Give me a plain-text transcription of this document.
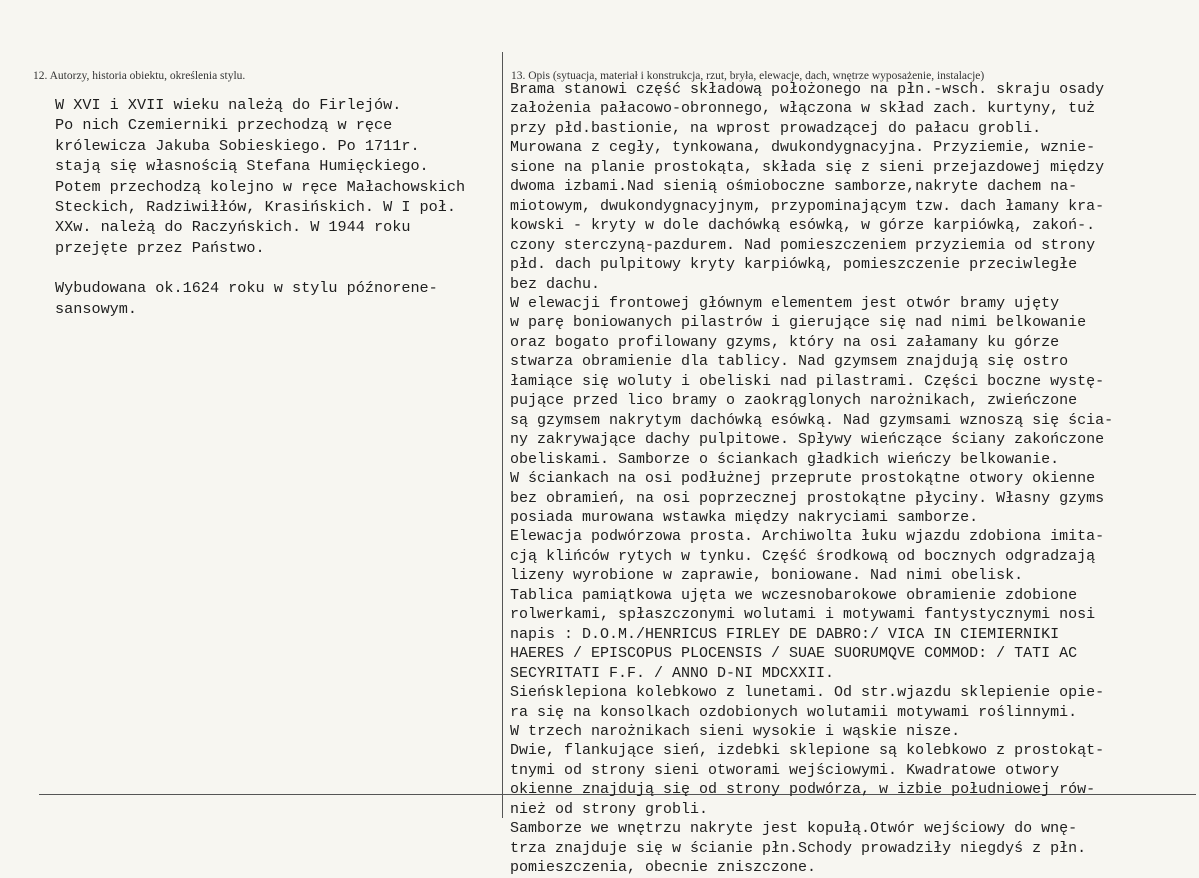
12. Autorzy, historia obiektu, określenia stylu.	13. Opis (sytuacja, materiał i konstrukcja, rzut, bryła, elewacje, dach, wnętrze wyposażenie, instalacje)
W XVI i XVII wieku należą do Firlejów.
Po nich Czemierniki przechodzą w ręce
królewicza Jakuba Sobieskiego. Po 1711r.
stają się własnością Stefana Humięckiego.
Potem przechodzą kolejno w ręce Małachowskich
Steckich, Radziwiłłów, Krasińskich. W I poł.
XXw. należą do Raczyńskich. W 1944 roku
przejęte przez Państwo.
Wybudowana ok.1624 roku w stylu późnorene-
sansowym.
Brama stanowi część składową położonego na płn.-wsch. skraju osady
założenia pałacowo-obronnego, włączona w skład zach. kurtyny, tuż
przy płd.bastionie, na wprost prowadzącej do pałacu grobli.
Murowana z cegły, tynkowana, dwukondygnacyjna. Przyziemie, wznie-
sione na planie prostokąta, składa się z sieni przejazdowej między
dwoma izbami.Nad sienią ośmioboczne samborze,nakryte dachem na-
miotowym, dwukondygnacyjnym, przypominającym tzw. dach łamany kra-
kowski - kryty w dole dachówką esówką, w górze karpiówką, zakoń-.
czony sterczyną-pazdurem. Nad pomieszczeniem przyziemia od strony
płd. dach pulpitowy kryty karpiówką, pomieszczenie przeciwległe
bez dachu.
W elewacji frontowej głównym elementem jest otwór bramy ujęty
w parę boniowanych pilastrów i gierujące się nad nimi belkowanie
oraz bogato profilowany gzyms, który na osi załamany ku górze
stwarza obramienie dla tablicy. Nad gzymsem znajdują się ostro
łamiące się woluty i obeliski nad pilastrami. Części boczne wystę-
pujące przed lico bramy o zaokrąglonych narożnikach, zwieńczone
są gzymsem nakrytym dachówką esówką. Nad gzymsami wznoszą się ścia-
ny zakrywające dachy pulpitowe. Spływy wieńczące ściany zakończone
obeliskami. Samborze o ściankach gładkich wieńczy belkowanie.
W ściankach na osi podłużnej przeprute prostokątne otwory okienne
bez obramień, na osi poprzecznej prostokątne płyciny. Własny gzyms
posiada murowana wstawka między nakryciami samborze.
Elewacja podwórzowa prosta. Archiwolta łuku wjazdu zdobiona imita-
cją klińców rytych w tynku. Część środkową od bocznych odgradzają
lizeny wyrobione w zaprawie, boniowane. Nad nimi obelisk.
Tablica pamiątkowa ujęta we wczesnobarokowe obramienie zdobione
rolwerkami, spłaszczonymi wolutami i motywami fantystycznymi nosi
napis : D.O.M./HENRICUS FIRLEY DE DABRO:/ VICA IN CIEMIERNIKI
HAERES / EPISCOPUS PLOCENSIS / SUAE SUORUMQVE COMMOD: / TATI AC
SECYRITATI F.F. / ANNO D-NI MDCXXII.
Sieńsklepiona kolebkowo z lunetami. Od str.wjazdu sklepienie opie-
ra się na konsolkach ozdobionych wolutamii motywami roślinnymi.
W trzech narożnikach sieni wysokie i wąskie nisze.
Dwie, flankujące sień, izdebki sklepione są kolebkowo z prostokąt-
tnymi od strony sieni otworami wejściowymi. Kwadratowe otwory
okienne znajdują się od strony podwórza, w izbie południowej rów-
nież od strony grobli.
Samborze we wnętrzu nakryte jest kopułą.Otwór wejściowy do wnę-
trza znajduje się w ścianie płn.Schody prowadziły niegdyś z płn.
pomieszczenia, obecnie zniszczone.
